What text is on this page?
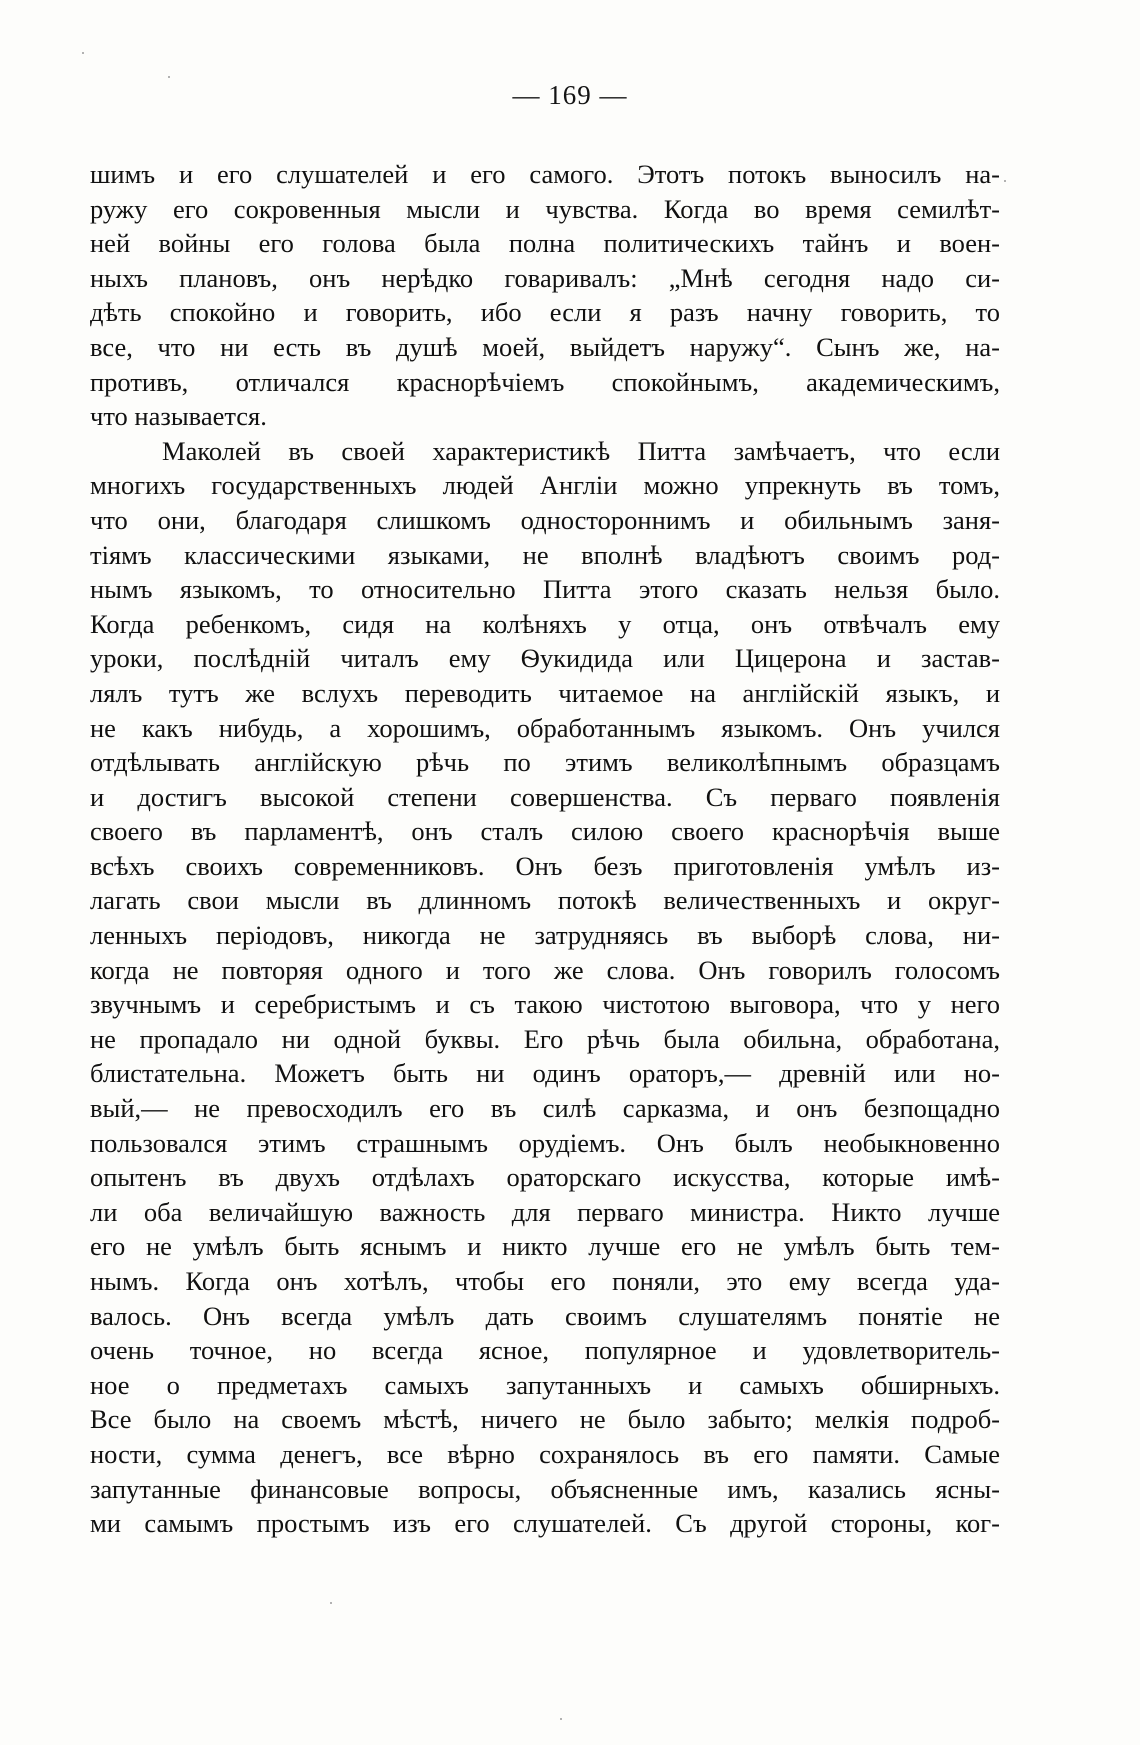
— 169 —
шимъ и его слушателей и его самого. Этотъ потокъ выносилъ на-
ружу его сокровенныя мысли и чувства. Когда во время семилѣт-
ней войны его голова была полна политическихъ тайнъ и воен-
ныхъ плановъ, онъ нерѣдко говаривалъ: „Мнѣ сегодня надо си-
дѣть спокойно и говорить, ибо если я разъ начну говорить, то
все, что ни есть въ душѣ моей, выйдетъ наружу“. Сынъ же, на-
противъ, отличался краснорѣчіемъ спокойнымъ, академическимъ,
что называется.
Маколей въ своей характеристикѣ Питта замѣчаетъ, что если
многихъ государственныхъ людей Англіи можно упрекнуть въ томъ,
что они, благодаря слишкомъ одностороннимъ и обильнымъ заня-
тіямъ классическими языками, не вполнѣ владѣютъ своимъ род-
нымъ языкомъ, то относительно Питта этого сказать нельзя было.
Когда ребенкомъ, сидя на колѣняхъ у отца, онъ отвѣчалъ ему
уроки, послѣдній читалъ ему Ѳукидида или Цицерона и застав-
лялъ тутъ же вслухъ переводить читаемое на англійскій языкъ, и
не какъ нибудь, а хорошимъ, обработаннымъ языкомъ. Онъ учился
отдѣлывать англійскую рѣчь по этимъ великолѣпнымъ образцамъ
и достигъ высокой степени совершенства. Съ перваго появленія
своего въ парламентѣ, онъ сталъ силою своего краснорѣчія выше
всѣхъ своихъ современниковъ. Онъ безъ приготовленія умѣлъ из-
лагать свои мысли въ длинномъ потокѣ величественныхъ и округ-
ленныхъ періодовъ, никогда не затрудняясь въ выборѣ слова, ни-
когда не повторяя одного и того же слова. Онъ говорилъ голосомъ
звучнымъ и серебристымъ и съ такою чистотою выговора, что у него
не пропадало ни одной буквы. Его рѣчь была обильна, обработана,
блистательна. Можетъ быть ни одинъ ораторъ,— древній или но-
вый,— не превосходилъ его въ силѣ сарказма, и онъ безпощадно
пользовался этимъ страшнымъ орудіемъ. Онъ былъ необыкновенно
опытенъ въ двухъ отдѣлахъ ораторскаго искусства, которые имѣ-
ли оба величайшую важность для перваго министра. Никто лучше
его не умѣлъ быть яснымъ и никто лучше его не умѣлъ быть тем-
нымъ. Когда онъ хотѣлъ, чтобы его поняли, это ему всегда уда-
валось. Онъ всегда умѣлъ дать своимъ слушателямъ понятіе не
очень точное, но всегда ясное, популярное и удовлетворитель-
ное о предметахъ самыхъ запутанныхъ и самыхъ обширныхъ.
Все было на своемъ мѣстѣ, ничего не было забыто; мелкія подроб-
ности, сумма денегъ, все вѣрно сохранялось въ его памяти. Самые
запутанные финансовые вопросы, объясненные имъ, казались ясны-
ми самымъ простымъ изъ его слушателей. Съ другой стороны, ког-
